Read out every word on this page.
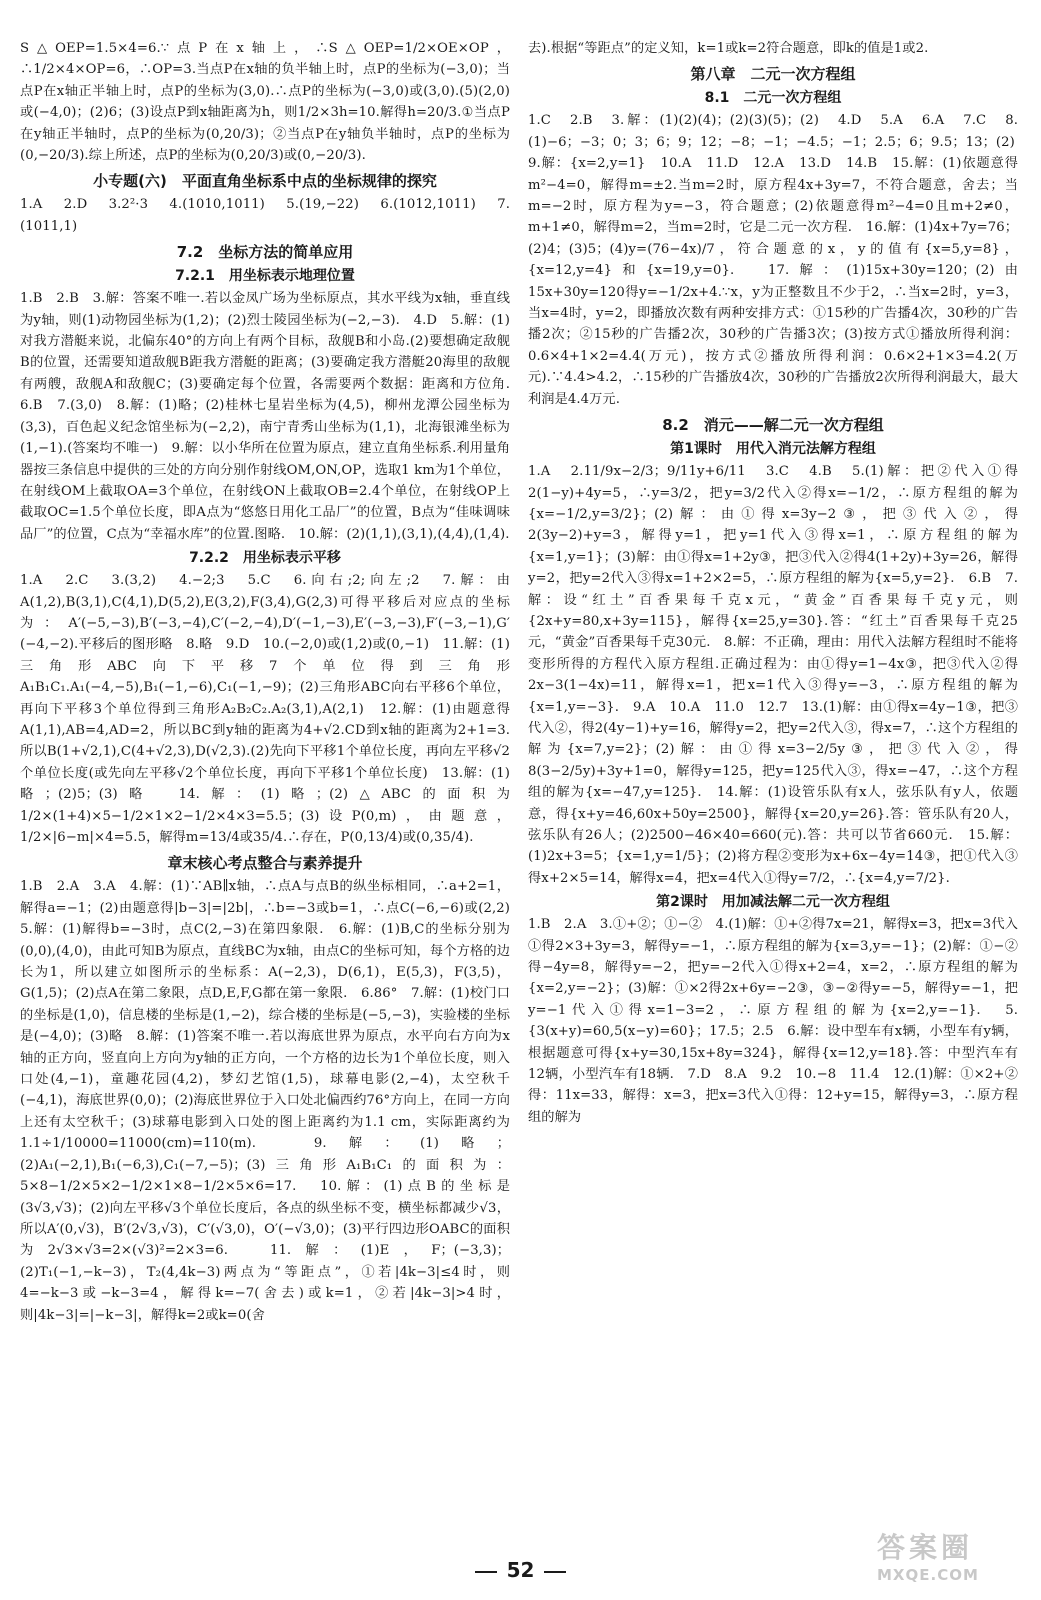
S△OEP=1.5×4=6.∵点P在x轴上，∴S△OEP=1/2×OE×OP，∴1/2×4×OP=6，∴OP=3.当点P在x轴的负半轴上时，点P的坐标为(−3,0)；当点P在x轴正半轴上时，点P的坐标为(3,0).∴点P的坐标为(−3,0)或(3,0).(5)(2,0)或(−4,0)；(2)6；(3)设点P到x轴距离为h，则1/2×3h=10.解得h=20/3.①当点P在y轴正半轴时，点P的坐标为(0,20/3)；②当点P在y轴负半轴时，点P的坐标为(0,−20/3).综上所述，点P的坐标为(0,20/3)或(0,−20/3).
小专题(六)　平面直角坐标系中点的坐标规律的探究
1.A　2.D　3.2²·3　4.(1010,1011)　5.(19,−22)　6.(1012,1011)　7.(1011,1)
7.2　坐标方法的简单应用
7.2.1　用坐标表示地理位置
1.B　2.B　3.解：答案不唯一.若以金凤广场为坐标原点，其水平线为x轴，垂直线为y轴，则(1)动物园坐标为(1,2)；(2)烈士陵园坐标为(−2,−3).　4.D　5.解：(1)对我方潜艇来说，北偏东40°的方向上有两个目标，敌舰B和小岛.(2)要想确定敌舰B的位置，还需要知道敌舰B距我方潜艇的距离；(3)要确定我方潜艇20海里的敌舰有两艘，敌舰A和敌舰C；(3)要确定每个位置，各需要两个数据：距离和方位角.　6.B　7.(3,0)　8.解：(1)略；(2)桂林七星岩坐标为(4,5)，柳州龙潭公园坐标为(3,3)，百色起义纪念馆坐标为(−2,2)，南宁青秀山坐标为(1,1)，北海银滩坐标为(1,−1).(答案均不唯一)　9.解：以小华所在位置为原点，建立直角坐标系.利用量角器按三条信息中提供的三处的方向分别作射线OM,ON,OP，选取1 km为1个单位，在射线OM上截取OA=3个单位，在射线ON上截取OB=2.4个单位，在射线OP上截取OC=1.5个单位长度，即A点为“悠悠日用化工品厂”的位置，B点为“佳味调味品厂”的位置，C点为“幸福水库”的位置.图略.　10.解：(2)(1,1),(3,1),(4,4),(1,4).
7.2.2　用坐标表示平移
1.A　2.C　3.(3,2)　4.−2;3　5.C　6.向右;2;向左;2　7.解：由A(1,2),B(3,1),C(4,1),D(5,2),E(3,2),F(3,4),G(2,3)可得平移后对应点的坐标为：A′(−5,−3),B′(−3,−4),C′(−2,−4),D′(−1,−3),E′(−3,−3),F′(−3,−1),G′(−4,−2).平移后的图形略　8.略　9.D　10.(−2,0)或(1,2)或(0,−1)　11.解：(1)三角形ABC向下平移7个单位得到三角形A₁B₁C₁.A₁(−4,−5),B₁(−1,−6),C₁(−1,−9)；(2)三角形ABC向右平移6个单位，再向下平移3个单位得到三角形A₂B₂C₂.A₂(3,1),A(2,1)　12.解：(1)由题意得A(1,1),AB=4,AD=2，所以BC到y轴的距离为4+√2.CD到x轴的距离为2+1=3.所以B(1+√2,1),C(4+√2,3),D(√2,3).(2)先向下平移1个单位长度，再向左平移√2个单位长度(或先向左平移√2个单位长度，再向下平移1个单位长度)　13.解：(1)略；(2)5；(3)略　14.解：(1)略；(2)△ABC的面积为1/2×(1+4)×5−1/2×1×2−1/2×4×3=5.5；(3)设P(0,m)，由题意，1/2×|6−m|×4=5.5，解得m=13/4或35/4.∴存在，P(0,13/4)或(0,35/4).
章末核心考点整合与素养提升
1.B　2.A　3.A　4.解：(1)∵AB∥x轴，∴点A与点B的纵坐标相同，∴a+2=1，解得a=−1；(2)由题意得|b−3|=|2b|，∴b=−3或b=1，∴点C(−6,−6)或(2,2)　5.解：(1)解得b=−3时，点C(2,−3)在第四象限.　6.解：(1)B,C的坐标分别为(0,0),(4,0)，由此可知B为原点，直线BC为x轴，由点C的坐标可知，每个方格的边长为1，所以建立如图所示的坐标系：A(−2,3)，D(6,1)，E(5,3)，F(3,5)，G(1,5)；(2)点A在第二象限，点D,E,F,G都在第一象限.　6.86°　7.解：(1)校门口的坐标是(1,0)，信息楼的坐标是(1,−2)，综合楼的坐标是(−5,−3)，实验楼的坐标是(−4,0)；(3)略　8.解：(1)答案不唯一.若以海底世界为原点，水平向右方向为x轴的正方向，竖直向上方向为y轴的正方向，一个方格的边长为1个单位长度，则入口处(4,−1)，童趣花园(4,2)，梦幻艺馆(1,5)，球幕电影(2,−4)，太空秋千(−4,1)，海底世界(0,0)；(2)海底世界位于入口处北偏西约76°方向上，在同一方向上还有太空秋千；(3)球幕电影到入口处的图上距离约为1.1 cm，实际距离约为1.1÷1/10000=11000(cm)=110(m).　9.解：(1)略；(2)A₁(−2,1),B₁(−6,3),C₁(−7,−5)；(3)三角形A₁B₁C₁的面积为：5×8−1/2×5×2−1/2×1×8−1/2×5×6=17.　10.解：(1)点B的坐标是(3√3,√3)；(2)向左平移√3个单位长度后，各点的纵坐标不变，横坐标都减少√3，所以A′(0,√3)，B′(2√3,√3)，C′(√3,0)，O′(−√3,0)；(3)平行四边形OABC的面积为2√3×√3=2×(√3)²=2×3=6.　11.解：(1)E，F；(−3,3)；(2)T₁(−1,−k−3)，T₂(4,4k−3)两点为“等距点”，①若|4k−3|≤4时，则4=−k−3或−k−3=4，解得k=−7(舍去)或k=1，②若|4k−3|>4时，则|4k−3|=|−k−3|，解得k=2或k=0(舍
去).根据“等距点”的定义知，k=1或k=2符合题意，即k的值是1或2.
第八章　二元一次方程组
8.1　二元一次方程组
1.C　2.B　3.解：(1)(2)(4)；(2)(3)(5)；(2)　4.D　5.A　6.A　7.C　8.(1)−6；−3；0；3；6；9；12；−8；−1；−4.5；−1；2.5；6；9.5；13；(2)　9.解：{x=2,y=1}　10.A　11.D　12.A　13.D　14.B　15.解：(1)依题意得m²−4=0，解得m=±2.当m=2时，原方程4x+3y=7，不符合题意，舍去；当m=−2时，原方程为y=−3，符合题意；(2)依题意得m²−4=0且m+2≠0，m+1≠0，解得m=2，当m=2时，它是二元一次方程.　16.解：(1)4x+7y=76；(2)4；(3)5；(4)y=(76−4x)/7，符合题意的x，y的值有{x=5,y=8}，{x=12,y=4}和{x=19,y=0}.　17.解：(1)15x+30y=120；(2)由15x+30y=120得y=−1/2x+4.∵x，y为正整数且不少于2，∴当x=2时，y=3，当x=4时，y=2，即播放次数有两种安排方式：①15秒的广告播4次，30秒的广告播2次；②15秒的广告播2次，30秒的广告播3次；(3)按方式①播放所得利润：0.6×4+1×2=4.4(万元)，按方式②播放所得利润：0.6×2+1×3=4.2(万元).∵4.4>4.2，∴15秒的广告播放4次，30秒的广告播放2次所得利润最大，最大利润是4.4万元.
8.2　消元——解二元一次方程组
第1课时　用代入消元法解方程组
1.A　2.11/9x−2/3；9/11y+6/11　3.C　4.B　5.(1)解：把②代入①得2(1−y)+4y=5，∴y=3/2，把y=3/2代入②得x=−1/2，∴原方程组的解为{x=−1/2,y=3/2}；(2)解：由①得x=3y−2③，把③代入②，得2(3y−2)+y=3，解得y=1，把y=1代入③得x=1，∴原方程组的解为{x=1,y=1}；(3)解：由①得x=1+2y③，把③代入②得4(1+2y)+3y=26，解得y=2，把y=2代入③得x=1+2×2=5，∴原方程组的解为{x=5,y=2}.　6.B　7.解：设“红土”百香果每千克x元，“黄金”百香果每千克y元，则{2x+y=80,x+3y=115}，解得{x=25,y=30}.答：“红土”百香果每千克25元，“黄金”百香果每千克30元.　8.解：不正确，理由：用代入法解方程组时不能将变形所得的方程代入原方程组.正确过程为：由①得y=1−4x③，把③代入②得2x−3(1−4x)=11，解得x=1，把x=1代入③得y=−3，∴原方程组的解为{x=1,y=−3}.　9.A　10.A　11.0　12.7　13.(1)解：由①得x=4y−1③，把③代入②，得2(4y−1)+y=16，解得y=2，把y=2代入③，得x=7，∴这个方程组的解为{x=7,y=2}；(2)解：由①得x=3−2/5y③，把③代入②，得8(3−2/5y)+3y+1=0，解得y=125，把y=125代入③，得x=−47，∴这个方程组的解为{x=−47,y=125}.　14.解：(1)设管乐队有x人，弦乐队有y人，依题意，得{x+y=46,60x+50y=2500}，解得{x=20,y=26}.答：管乐队有20人，弦乐队有26人；(2)2500−46×40=660(元).答：共可以节省660元.　15.解：(1)2x+3=5；{x=1,y=1/5}；(2)将方程②变形为x+6x−4y=14③，把①代入③得x+2×5=14，解得x=4，把x=4代入①得y=7/2，∴{x=4,y=7/2}.
第2课时　用加减法解二元一次方程组
1.B　2.A　3.①+②；①−②　4.(1)解：①+②得7x=21，解得x=3，把x=3代入①得2×3+3y=3，解得y=−1，∴原方程组的解为{x=3,y=−1}；(2)解：①−②得−4y=8，解得y=−2，把y=−2代入①得x+2=4，x=2，∴原方程组的解为{x=2,y=−2}；(3)解：①×2得2x+6y=−2③，③−②得y=−5，解得y=−1，把y=−1代入①得x=1−3=2，∴原方程组的解为{x=2,y=−1}.　5.{3(x+y)=60,5(x−y)=60}；17.5；2.5　6.解：设中型车有x辆，小型车有y辆，根据题意可得{x+y=30,15x+8y=324}，解得{x=12,y=18}.答：中型汽车有12辆，小型汽车有18辆.　7.D　8.A　9.2　10.−8　11.4　12.(1)解：①×2+②得：11x=33，解得：x=3，把x=3代入①得：12+y=15，解得y=3，∴原方程组的解为
52
答案圈
MXQE.COM
